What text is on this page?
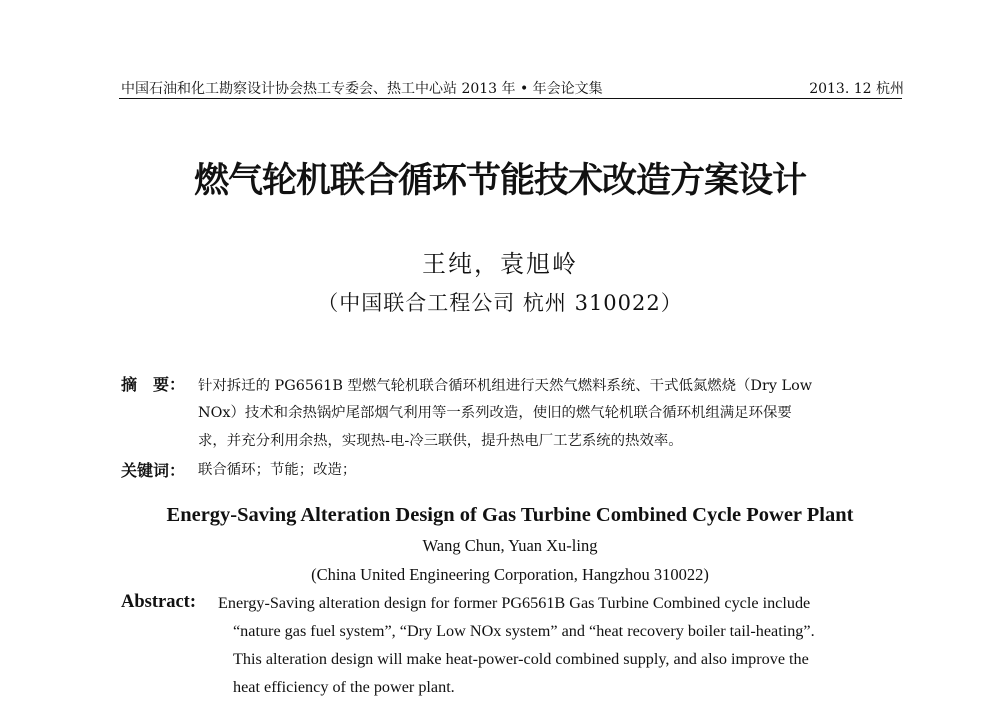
中国石油和化工勘察设计协会热工专委会、热工中心站 2013 年 • 年会论文集	2013. 12 杭州
燃气轮机联合循环节能技术改造方案设计
王纯，袁旭岭
（中国联合工程公司 杭州 310022）
摘　要： 针对拆迁的 PG6561B 型燃气轮机联合循环机组进行天然气燃料系统、干式低氮燃烧（Dry Low
NOx）技术和余热锅炉尾部烟气利用等一系列改造，使旧的燃气轮机联合循环机组满足环保要
求，并充分利用余热，实现热-电-冷三联供，提升热电厂工艺系统的热效率。
关键词： 联合循环；节能；改造；
Energy-Saving Alteration Design of Gas Turbine Combined Cycle Power Plant
Wang Chun, Yuan Xu-ling
(China United Engineering Corporation, Hangzhou 310022)
Abstract: Energy-Saving alteration design for former PG6561B Gas Turbine Combined cycle include
“nature gas fuel system”, “Dry Low NOx system” and “heat recovery boiler tail-heating”.
This alteration design will make heat-power-cold combined supply, and also improve the
heat efficiency of the power plant.
